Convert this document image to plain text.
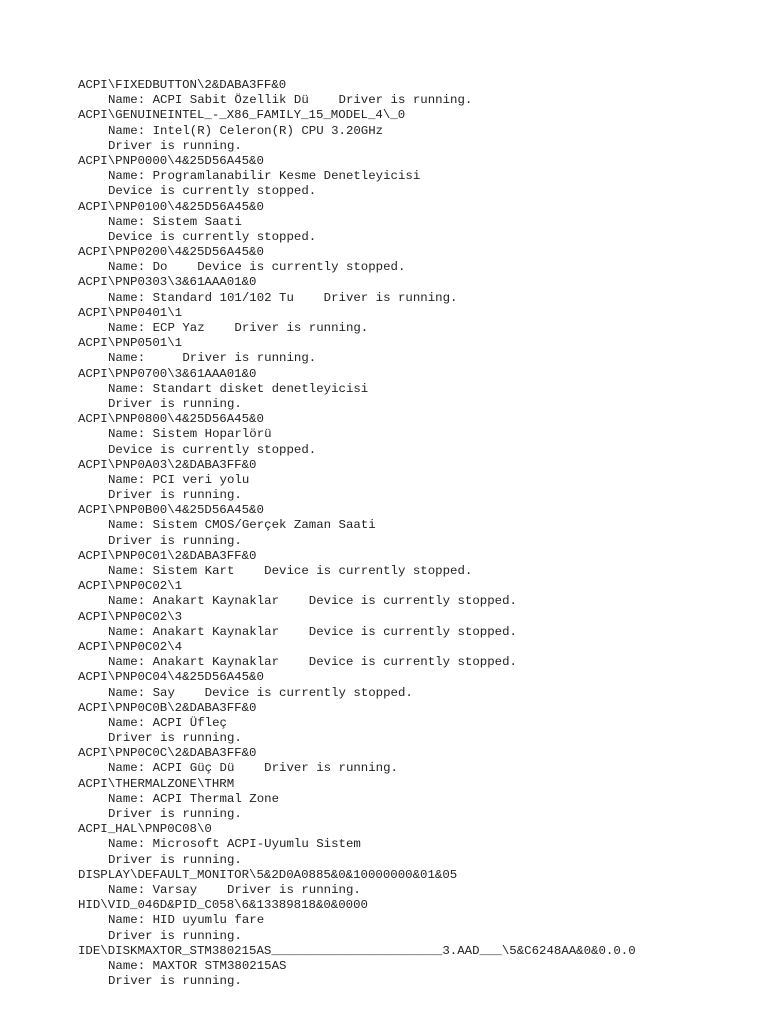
ACPI\FIXEDBUTTON\2&DABA3FF&0
Name: ACPI Sabit Özellik Dü    Driver is running.
ACPI\GENUINEINTEL_-_X86_FAMILY_15_MODEL_4\_0
Name: Intel(R) Celeron(R) CPU 3.20GHz
Driver is running.
ACPI\PNP0000\4&25D56A45&0
Name: Programlanabilir Kesme Denetleyicisi
Device is currently stopped.
ACPI\PNP0100\4&25D56A45&0
Name: Sistem Saati
Device is currently stopped.
ACPI\PNP0200\4&25D56A45&0
Name: Do    Device is currently stopped.
ACPI\PNP0303\3&61AAA01&0
Name: Standard 101/102 Tu    Driver is running.
ACPI\PNP0401\1
Name: ECP Yaz    Driver is running.
ACPI\PNP0501\1
Name:     Driver is running.
ACPI\PNP0700\3&61AAA01&0
Name: Standart disket denetleyicisi
Driver is running.
ACPI\PNP0800\4&25D56A45&0
Name: Sistem Hoparlörü
Device is currently stopped.
ACPI\PNP0A03\2&DABA3FF&0
Name: PCI veri yolu
Driver is running.
ACPI\PNP0B00\4&25D56A45&0
Name: Sistem CMOS/Gerçek Zaman Saati
Driver is running.
ACPI\PNP0C01\2&DABA3FF&0
Name: Sistem Kart    Device is currently stopped.
ACPI\PNP0C02\1
Name: Anakart Kaynaklar    Device is currently stopped.
ACPI\PNP0C02\3
Name: Anakart Kaynaklar    Device is currently stopped.
ACPI\PNP0C02\4
Name: Anakart Kaynaklar    Device is currently stopped.
ACPI\PNP0C04\4&25D56A45&0
Name: Say    Device is currently stopped.
ACPI\PNP0C0B\2&DABA3FF&0
Name: ACPI Üfleç
Driver is running.
ACPI\PNP0C0C\2&DABA3FF&0
Name: ACPI Güç Dü    Driver is running.
ACPI\THERMALZONE\THRM
Name: ACPI Thermal Zone
Driver is running.
ACPI_HAL\PNP0C08\0
Name: Microsoft ACPI-Uyumlu Sistem
Driver is running.
DISPLAY\DEFAULT_MONITOR\5&2D0A0885&0&10000000&01&05
Name: Varsay    Driver is running.
HID\VID_046D&PID_C058\6&13389818&0&0000
Name: HID uyumlu fare
Driver is running.
IDE\DISKMAXTOR_STM380215AS_______________________3.AAD___\5&C6248AA&0&0.0.0
Name: MAXTOR STM380215AS
Driver is running.
